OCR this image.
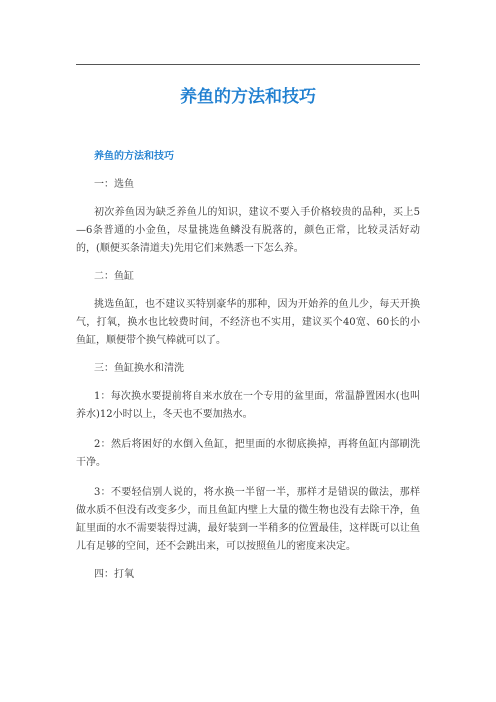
养鱼的方法和技巧
养鱼的方法和技巧
一：选鱼

初次养鱼因为缺乏养鱼儿的知识，建议不要入手价格较贵的品种，买上5—6条普通的小金鱼，尽量挑选鱼鳞没有脱落的，颜色正常，比较灵活好动的，(顺便买条清道夫)先用它们来熟悉一下怎么养。

二：鱼缸

挑选鱼缸，也不建议买特别豪华的那种，因为开始养的鱼儿少，每天开换气，打氧，换水也比较费时间，不经济也不实用，建议买个40宽、60长的小鱼缸，顺便带个换气棒就可以了。

三：鱼缸换水和清洗

1：每次换水要提前将自来水放在一个专用的盆里面，常温静置困水(也叫养水)12小时以上，冬天也不要加热水。

2：然后将困好的水倒入鱼缸，把里面的水彻底换掉，再将鱼缸内部刷洗干净。

3：不要轻信别人说的，将水换一半留一半，那样才是错误的做法，那样做水质不但没有改变多少，而且鱼缸内壁上大量的微生物也没有去除干净，鱼缸里面的水不需要装得过满，最好装到一半稍多的位置最佳，这样既可以让鱼儿有足够的空间，还不会跳出来，可以按照鱼儿的密度来决定。

四：打氧
